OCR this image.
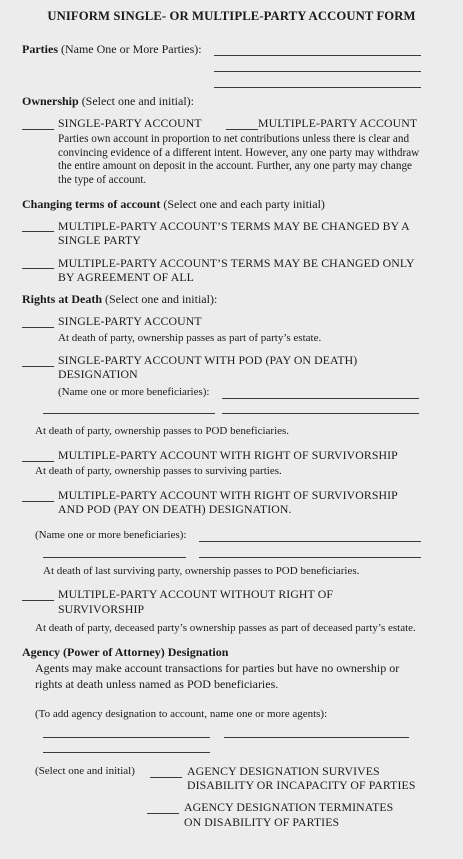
UNIFORM SINGLE- OR MULTIPLE-PARTY ACCOUNT FORM
Parties (Name One or More Parties):
Ownership (Select one and initial):
SINGLE-PARTY ACCOUNT	MULTIPLE-PARTY ACCOUNT
Parties own account in proportion to net contributions unless there is clear and convincing evidence of a different intent. However, any one party may withdraw the entire amount on deposit in the account. Further, any one party may change the type of account.
Changing terms of account (Select one and each party initial)
MULTIPLE-PARTY ACCOUNT’S TERMS MAY BE CHANGED BY A
SINGLE PARTY
MULTIPLE-PARTY ACCOUNT’S TERMS MAY BE CHANGED ONLY
BY AGREEMENT OF ALL
Rights at Death (Select one and initial):
SINGLE-PARTY ACCOUNT
At death of party, ownership passes as part of party’s estate.
SINGLE-PARTY ACCOUNT WITH POD (PAY ON DEATH)
DESIGNATION
(Name one or more beneficiaries):
At death of party, ownership passes to POD beneficiaries.
MULTIPLE-PARTY ACCOUNT WITH RIGHT OF SURVIVORSHIP
At death of party, ownership passes to surviving parties.
MULTIPLE-PARTY ACCOUNT WITH RIGHT OF SURVIVORSHIP
AND POD (PAY ON DEATH) DESIGNATION.
(Name one or more beneficiaries):
At death of last surviving party, ownership passes to POD beneficiaries.
MULTIPLE-PARTY ACCOUNT WITHOUT RIGHT OF
SURVIVORSHIP
At death of party, deceased party’s ownership passes as part of deceased party’s estate.
Agency (Power of Attorney) Designation
Agents may make account transactions for parties but have no ownership or
rights at death unless named as POD beneficiaries.
(To add agency designation to account, name one or more agents):
(Select one and initial)	AGENCY DESIGNATION SURVIVES
DISABILITY OR INCAPACITY OF PARTIES
AGENCY DESIGNATION TERMINATES
ON DISABILITY OF PARTIES
